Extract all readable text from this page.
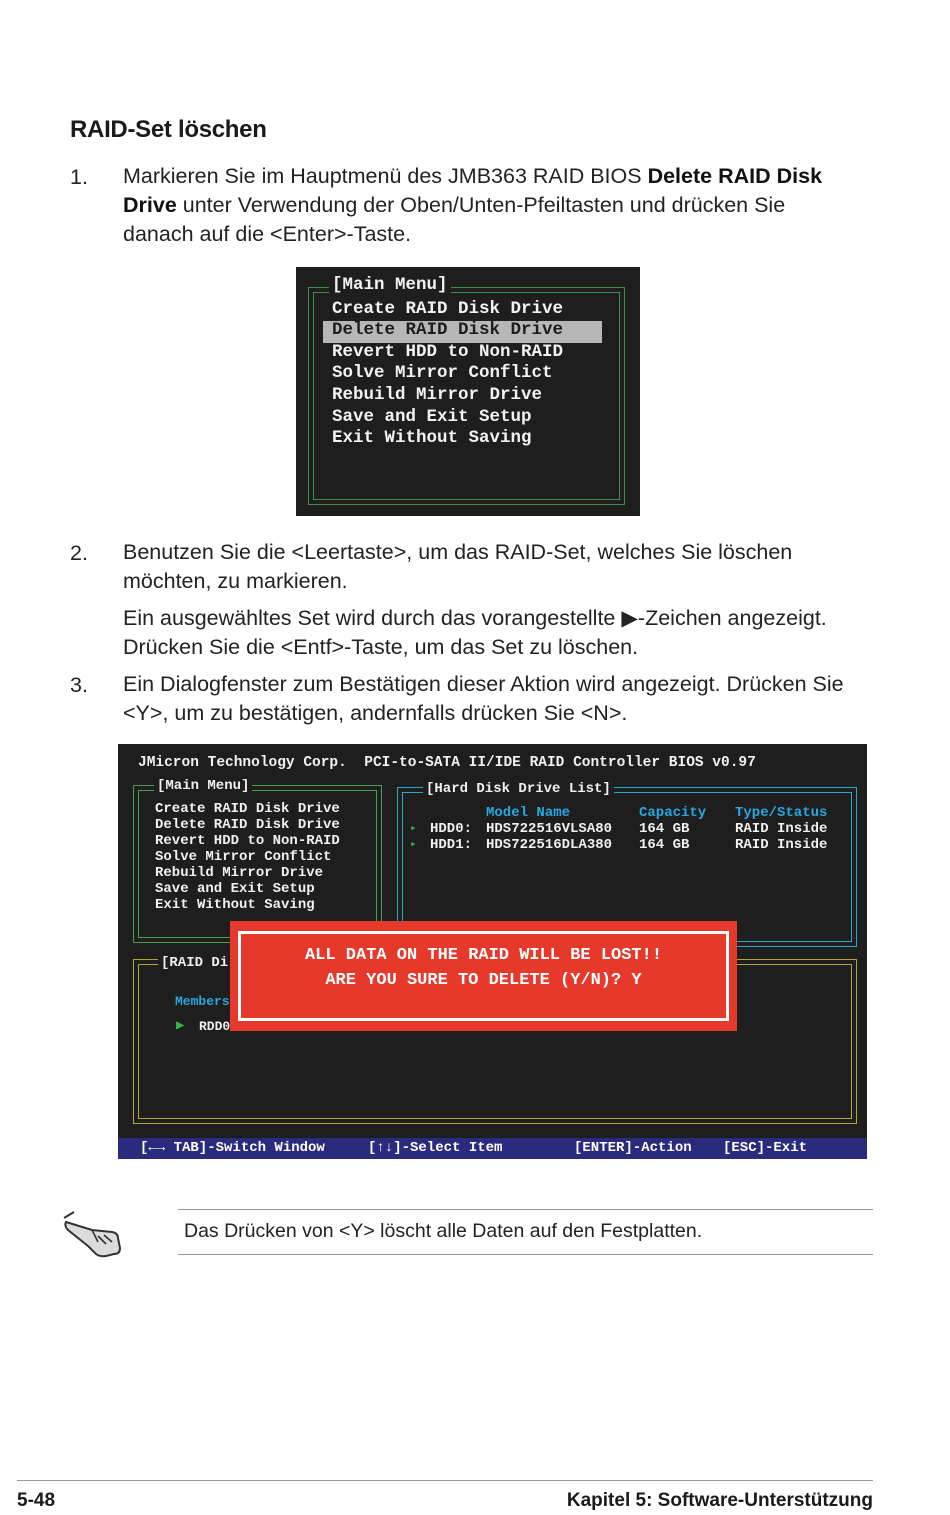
RAID-Set löschen
1. Markieren Sie im Hauptmenü des JMB363 RAID BIOS Delete RAID Disk
Drive unter Verwendung der Oben/Unten-Pfeiltasten und drücken Sie
danach auf die <Enter>-Taste.
[Main Menu]
Create RAID Disk Drive
Delete RAID Disk Drive
Revert HDD to Non-RAID
Solve Mirror Conflict
Rebuild Mirror Drive
Save and Exit Setup
Exit Without Saving
2. Benutzen Sie die <Leertaste>, um das RAID-Set, welches Sie löschen
möchten, zu markieren.
Ein ausgewähltes Set wird durch das vorangestellte ▶-Zeichen angezeigt.
Drücken Sie die <Entf>-Taste, um das Set zu löschen.
3. Ein Dialogfenster zum Bestätigen dieser Aktion wird angezeigt. Drücken Sie
<Y>, um zu bestätigen, andernfalls drücken Sie <N>.
JMicron Technology Corp.  PCI-to-SATA II/IDE RAID Controller BIOS v0.97
[Main Menu]
Create RAID Disk Drive
Delete RAID Disk Drive
Revert HDD to Non-RAID
Solve Mirror Conflict
Rebuild Mirror Drive
Save and Exit Setup
Exit Without Saving
[Hard Disk Drive List]
Model Name	Capacity Type/Status
▸ HDD0: HDS722516VLSA80 164 GB	RAID Inside
▸ HDD1: HDS722516DLA380 164 GB	RAID Inside
[RAID Di
Members
▶ RDD0
ALL DATA ON THE RAID WILL BE LOST!!
ARE YOU SURE TO DELETE (Y/N)? Y
[←→ TAB]-Switch Window	[↑↓]-Select Item	[ENTER]-Action [ESC]-Exit
Das Drücken von <Y> löscht alle Daten auf den Festplatten.
5-48	Kapitel 5: Software-Unterstützung
